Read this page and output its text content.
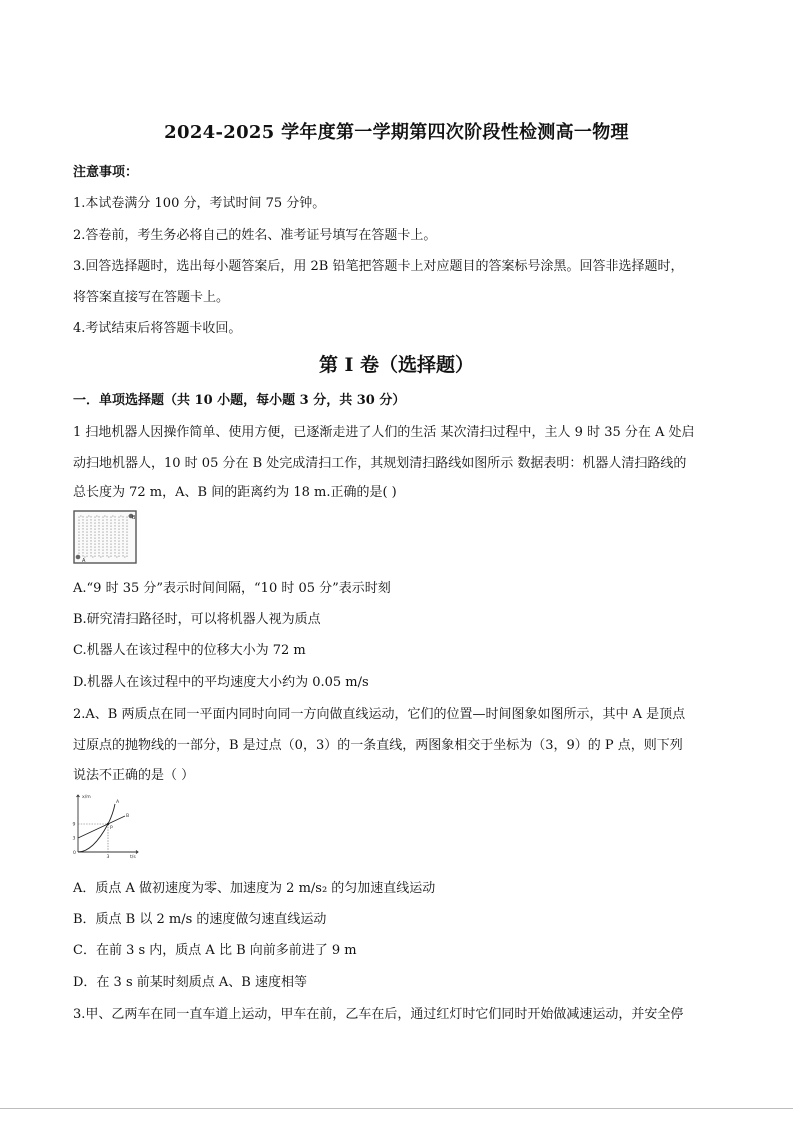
2024-2025 学年度第一学期第四次阶段性检测高一物理
注意事项：
1.本试卷满分 100 分，考试时间 75 分钟。
2.答卷前，考生务必将自己的姓名、准考证号填写在答题卡上。
3.回答选择题时，选出每小题答案后，用 2B 铅笔把答题卡上对应题目的答案标号涂黑。回答非选择题时，
将答案直接写在答题卡上。
4.考试结束后将答题卡收回。
第 I 卷（选择题）
一．单项选择题（共 10 小题，每小题 3 分，共 30 分）
1 扫地机器人因操作简单、使用方便，已逐渐走进了人们的生活 某次清扫过程中，主人 9 时 35 分在 A 处启
动扫地机器人，10 时 05 分在 B 处完成清扫工作，其规划清扫路线如图所示 数据表明：机器人清扫路线的
总长度为 72 m，A、B 间的距离约为 18 m.正确的是( )
A
B
A.“9 时 35 分”表示时间间隔，“10 时 05 分”表示时刻
B.研究清扫路径时，可以将机器人视为质点
C.机器人在该过程中的位移大小为 72 m
D.机器人在该过程中的平均速度大小约为 0.05 m/s
2.A、B 两质点在同一平面内同时向同一方向做直线运动，它们的位置—时间图象如图所示，其中 A 是顶点
过原点的抛物线的一部分，B 是过点（0，3）的一条直线，两图象相交于坐标为（3，9）的 P 点，则下列
说法不正确的是（ ）
x/m
t/s
9
3
0
3
A
B
P
A．质点 A 做初速度为零、加速度为 2 m/s₂ 的匀加速直线运动
B．质点 B 以 2 m/s 的速度做匀速直线运动
C．在前 3 s 内，质点 A 比 B 向前多前进了 9 m
D．在 3 s 前某时刻质点 A、B 速度相等
3.甲、乙两车在同一直车道上运动，甲车在前，乙车在后，通过红灯时它们同时开始做减速运动，并安全停
